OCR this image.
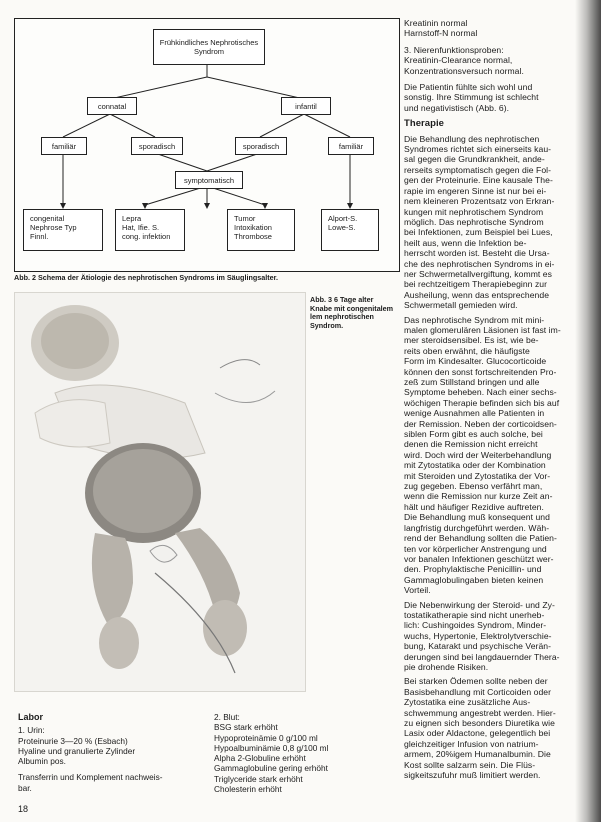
Frühkindliches Nephrotisches
Syndrom
connatal	infantil
familiär	sporadisch	sporadisch	familiär
symptomatisch
congenital
Nephrose Typ Finnl.
Lepra
Hat, Ifie. S.
cong. infektion
Tumor
Intoxikation
Thrombose
Alport-S.
Lowe-S.
Abb. 2 Schema der Ätiologie des nephrotischen Syndroms im Säuglingsalter.
Abb. 3 6 Tage alter
Knabe mit congenitalem
lem nephrotischen
Syndrom.
Kreatinin normal
Harnstoff-N normal
3. Nierenfunktionsproben:
Kreatinin-Clearance normal,
Konzentrationsversuch normal.
Die Patientin fühlte sich wohl und
sonstig. Ihre Stimmung ist schlecht
und negativistisch (Abb. 6).
Therapie
Die Behandlung des nephrotischen
Syndromes richtet sich einerseits kau-
sal gegen die Grundkrankheit, ande-
rerseits symptomatisch gegen die Fol-
gen der Proteinurie. Eine kausale The-
rapie im engeren Sinne ist nur bei ei-
nem kleineren Prozentsatz von Erkran-
kungen mit nephrotischem Syndrom
möglich. Das nephrotische Syndrom
bei Infektionen, zum Beispiel bei Lues,
heilt aus, wenn die Infektion be-
herrscht worden ist. Besteht die Ursa-
che des nephrotischen Syndroms in ei-
ner Schwermetallvergiftung, kommt es
bei rechtzeitigem Therapiebeginn zur
Ausheilung, wenn das entsprechende
Schwermetall gemieden wird.
Das nephrotische Syndrom mit mini-
malen glomerulären Läsionen ist fast im-
mer steroidsensibel. Es ist, wie be-
reits oben erwähnt, die häufigste
Form im Kindesalter. Glucocorticoide
können den sonst fortschreitenden Pro-
zeß zum Stillstand bringen und alle
Symptome beheben. Nach einer sechs-
wöchigen Therapie befinden sich bis auf
wenige Ausnahmen alle Patienten in
der Remission. Neben der corticoidsen-
siblen Form gibt es auch solche, bei
denen die Remission nicht erreicht
wird. Doch wird der Weiterbehandlung
mit Zytostatika oder der Kombination
mit Steroiden und Zytostatika der Vor-
zug gegeben. Ebenso verfährt man,
wenn die Remission nur kurze Zeit an-
hält und häufiger Rezidive auftreten.
Die Behandlung muß konsequent und
langfristig durchgeführt werden. Wäh-
rend der Behandlung sollten die Patien-
ten vor körperlicher Anstrengung und
vor banalen Infektionen geschützt wer-
den. Prophylaktische Penicillin- und
Gammaglobulingaben bieten keinen
Vorteil.
Die Nebenwirkung der Steroid- und Zy-
tostatikatherapie sind nicht unerheb-
lich: Cushingoides Syndrom, Minder-
wuchs, Hypertonie, Elektrolytverschie-
bung, Katarakt und psychische Verän-
derungen sind bei langdauernder Thera-
pie drohende Risiken.
Bei starken Ödemen sollte neben der
Basisbehandlung mit Corticoiden oder
Zytostatika eine zusätzliche Aus-
schwemmung angestrebt werden. Hier-
zu eignen sich besonders Diuretika wie
Lasix oder Aldactone, gelegentlich bei
gleichzeitiger Infusion von natrium-
armem, 20%igem Humanalbumin. Die
Kost sollte salzarm sein. Die Flüs-
sigkeitszufuhr muß limitiert werden.
Labor
1. Urin:
Proteinurie 3—20 % (Esbach)
Hyaline und granulierte Zylinder
Albumin pos.
Transferrin und Komplement nachweis-
bar.
2. Blut:
BSG stark erhöht
Hypoproteinämie 0 g/100 ml
Hypoalbuminämie 0,8 g/100 ml
Alpha 2-Globuline erhöht
Gammaglobuline gering erhöht
Triglyceride stark erhöht
Cholesterin erhöht
18
